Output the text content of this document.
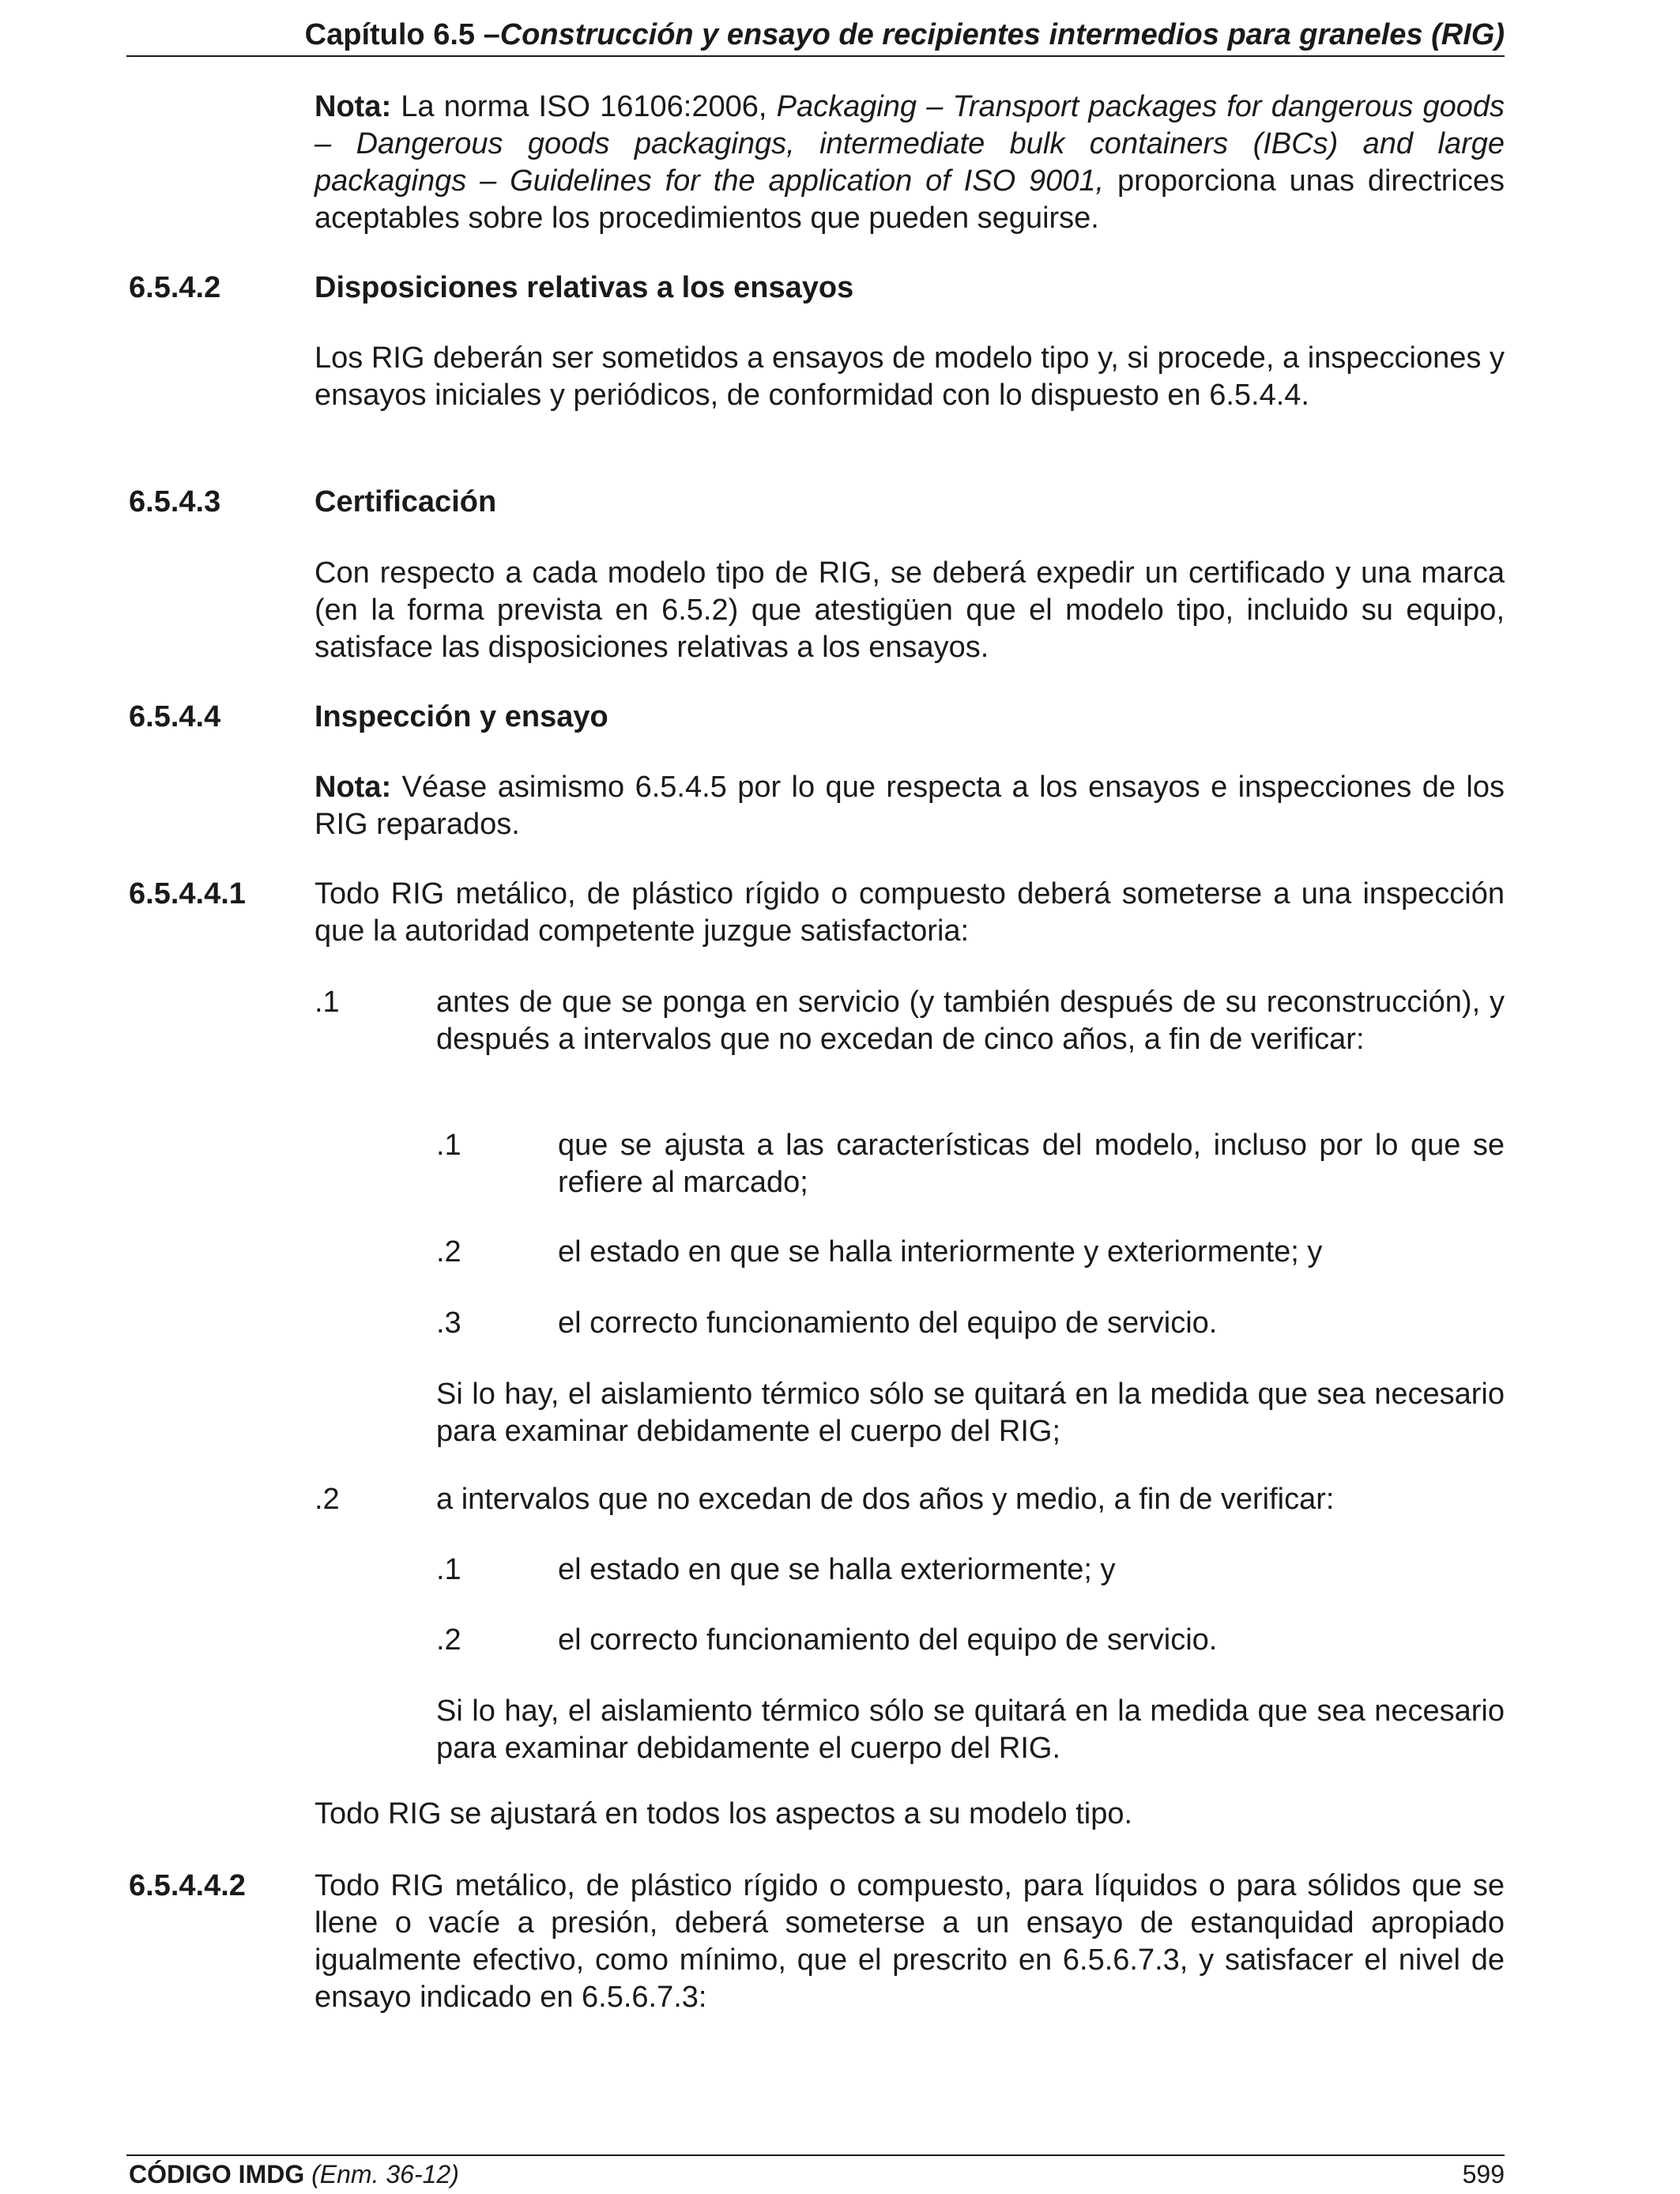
Capítulo 6.5 –Construcción y ensayo de recipientes intermedios para graneles (RIG)
Nota: La norma ISO 16106:2006, Packaging – Transport packages for dangerous goods – Dangerous goods packagings, intermediate bulk containers (IBCs) and large packagings – Guidelines for the application of ISO 9001, proporciona unas directrices aceptables sobre los procedimientos que pueden seguirse.
6.5.4.2	Disposiciones relativas a los ensayos
Los RIG deberán ser sometidos a ensayos de modelo tipo y, si procede, a inspecciones y ensayos iniciales y periódicos, de conformidad con lo dispuesto en 6.5.4.4.
6.5.4.3	Certificación
Con respecto a cada modelo tipo de RIG, se deberá expedir un certificado y una marca (en la forma prevista en 6.5.2) que atestigüen que el modelo tipo, incluido su equipo, satisface las disposiciones relativas a los ensayos.
6.5.4.4	Inspección y ensayo
Nota: Véase asimismo 6.5.4.5 por lo que respecta a los ensayos e inspecciones de los RIG reparados.
6.5.4.4.1 Todo RIG metálico, de plástico rígido o compuesto deberá someterse a una inspección que la autoridad competente juzgue satisfactoria:
.1	antes de que se ponga en servicio (y también después de su reconstrucción), y después a intervalos que no excedan de cinco años, a fin de verificar:
.1	que se ajusta a las características del modelo, incluso por lo que se refiere al marcado;
.2	el estado en que se halla interiormente y exteriormente; y
.3	el correcto funcionamiento del equipo de servicio.
Si lo hay, el aislamiento térmico sólo se quitará en la medida que sea necesario para examinar debidamente el cuerpo del RIG;
.2	a intervalos que no excedan de dos años y medio, a fin de verificar:
.1	el estado en que se halla exteriormente; y
.2	el correcto funcionamiento del equipo de servicio.
Si lo hay, el aislamiento térmico sólo se quitará en la medida que sea necesario para examinar debidamente el cuerpo del RIG.
Todo RIG se ajustará en todos los aspectos a su modelo tipo.
6.5.4.4.2 Todo RIG metálico, de plástico rígido o compuesto, para líquidos o para sólidos que se llene o vacíe a presión, deberá someterse a un ensayo de estanquidad apropiado igualmente efectivo, como mínimo, que el prescrito en 6.5.6.7.3, y satisfacer el nivel de ensayo indicado en 6.5.6.7.3:
CÓDIGO IMDG (Enm. 36-12)	599
